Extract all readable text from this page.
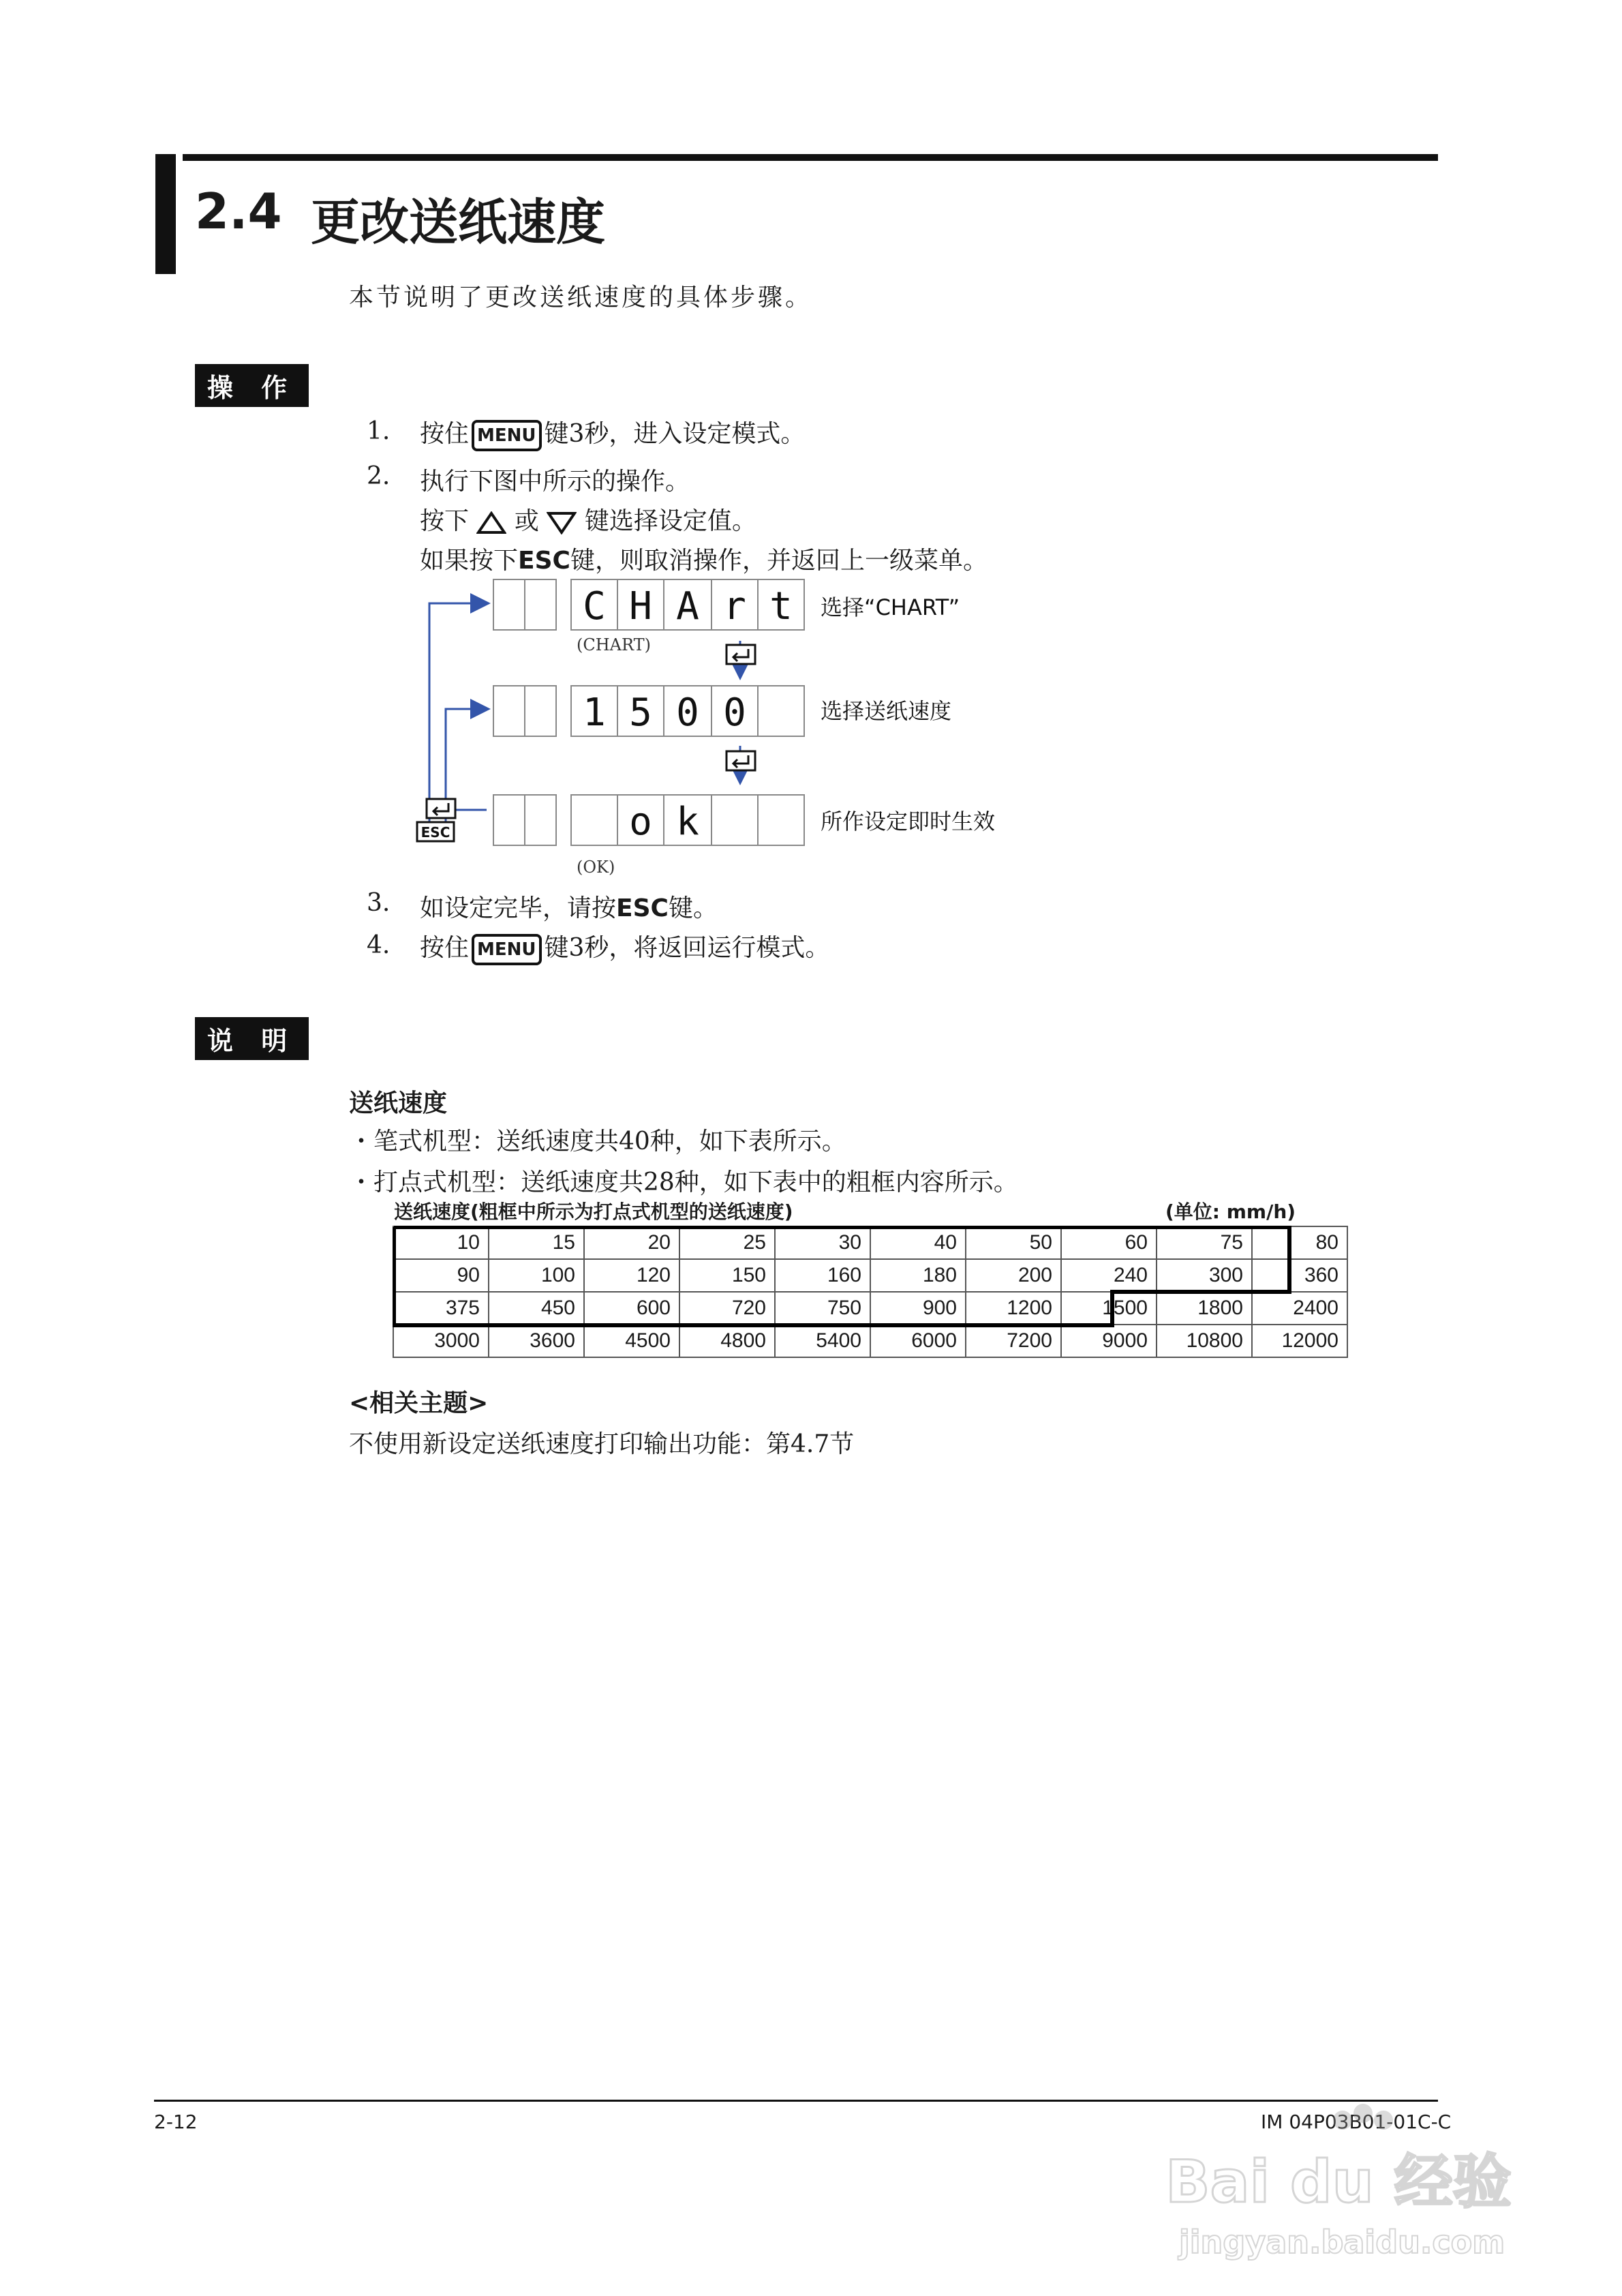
2.4 更改送纸速度
本节说明了更改送纸速度的具体步骤。
操 作
1. 按住 MENU 键3秒，进入设定模式。
2. 执行下图中所示的操作。
按下 或 键选择设定值。
如果按下ESC键，则取消操作，并返回上一级菜单。
C H A r t
1 5 0 0
o k
(CHART)
(OK)
选择“CHART”
选择送纸速度
所作设定即时生效
ESC
3. 如设定完毕，请按ESC键。
4. 按住 MENU 键3秒，将返回运行模式。
说 明
送纸速度
・笔式机型：送纸速度共40种，如下表所示。
・打点式机型：送纸速度共28种，如下表中的粗框内容所示。
送纸速度(粗框中所示为打点式机型的送纸速度)	(单位: mm/h)
10	15	20	25	30	40	50	60	75	80
90	100	120	150	160	180	200	240	300	360
375	450	600	720	750	900	1200	1500	1800	2400
3000	3600	4500	4800	5400	6000	7200	9000	10800	12000
<相关主题>
不使用新设定送纸速度打印输出功能：第4.7节
2-12	IM 04P03B01-01C-C
Bai du 经验
jingyan.baidu.com
